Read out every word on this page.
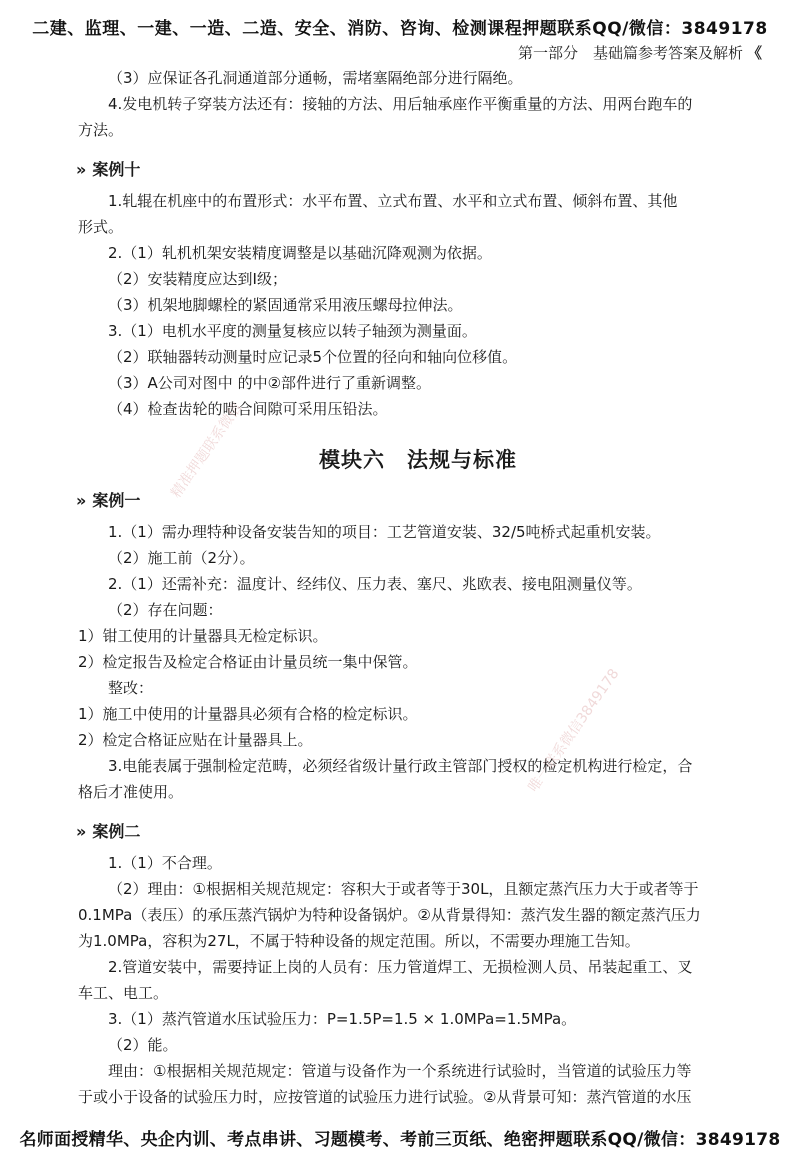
二建、监理、一建、一造、二造、安全、消防、咨询、检测课程押题联系QQ/微信：3849178
第一部分　基础篇参考答案及解析 《
（3）应保证各孔洞通道部分通畅，需堵塞隔绝部分进行隔绝。
4.发电机转子穿装方法还有：接轴的方法、用后轴承座作平衡重量的方法、用两台跑车的
方法。
» 案例十
1.轧辊在机座中的布置形式：水平布置、立式布置、水平和立式布置、倾斜布置、其他
形式。
2.（1）轧机机架安装精度调整是以基础沉降观测为依据。
（2）安装精度应达到Ⅰ级；
（3）机架地脚螺栓的紧固通常采用液压螺母拉伸法。
3.（1）电机水平度的测量复核应以转子轴颈为测量面。
（2）联轴器转动测量时应记录5个位置的径向和轴向位移值。
（3）A公司对图中 的中②部件进行了重新调整。
（4）检查齿轮的啮合间隙可采用压铅法。
模块六 法规与标准
» 案例一
1.（1）需办理特种设备安装告知的项目：工艺管道安装、32/5吨桥式起重机安装。
（2）施工前（2分）。
2.（1）还需补充：温度计、经纬仪、压力表、塞尺、兆欧表、接电阻测量仪等。
（2）存在问题：
1）钳工使用的计量器具无检定标识。
2）检定报告及检定合格证由计量员统一集中保管。
整改：
1）施工中使用的计量器具必须有合格的检定标识。
2）检定合格证应贴在计量器具上。
3.电能表属于强制检定范畴，必须经省级计量行政主管部门授权的检定机构进行检定，合
格后才准使用。
» 案例二
1.（1）不合理。
（2）理由：①根据相关规范规定：容积大于或者等于30L，且额定蒸汽压力大于或者等于
0.1MPa（表压）的承压蒸汽锅炉为特种设备锅炉。②从背景得知：蒸汽发生器的额定蒸汽压力
为1.0MPa，容积为27L，不属于特种设备的规定范围。所以，不需要办理施工告知。
2.管道安装中，需要持证上岗的人员有：压力管道焊工、无损检测人员、吊装起重工、叉
车工、电工。
3.（1）蒸汽管道水压试验压力：P=1.5P=1.5 × 1.0MPa=1.5MPa。
（2）能。
理由：①根据相关规范规定：管道与设备作为一个系统进行试验时，当管道的试验压力等
于或小于设备的试验压力时，应按管道的试验压力进行试验。②从背景可知：蒸汽管道的水压
精准押题联系微信
唯一联系微信3849178
名师面授精华、央企内训、考点串讲、习题模考、考前三页纸、绝密押题联系QQ/微信：3849178
